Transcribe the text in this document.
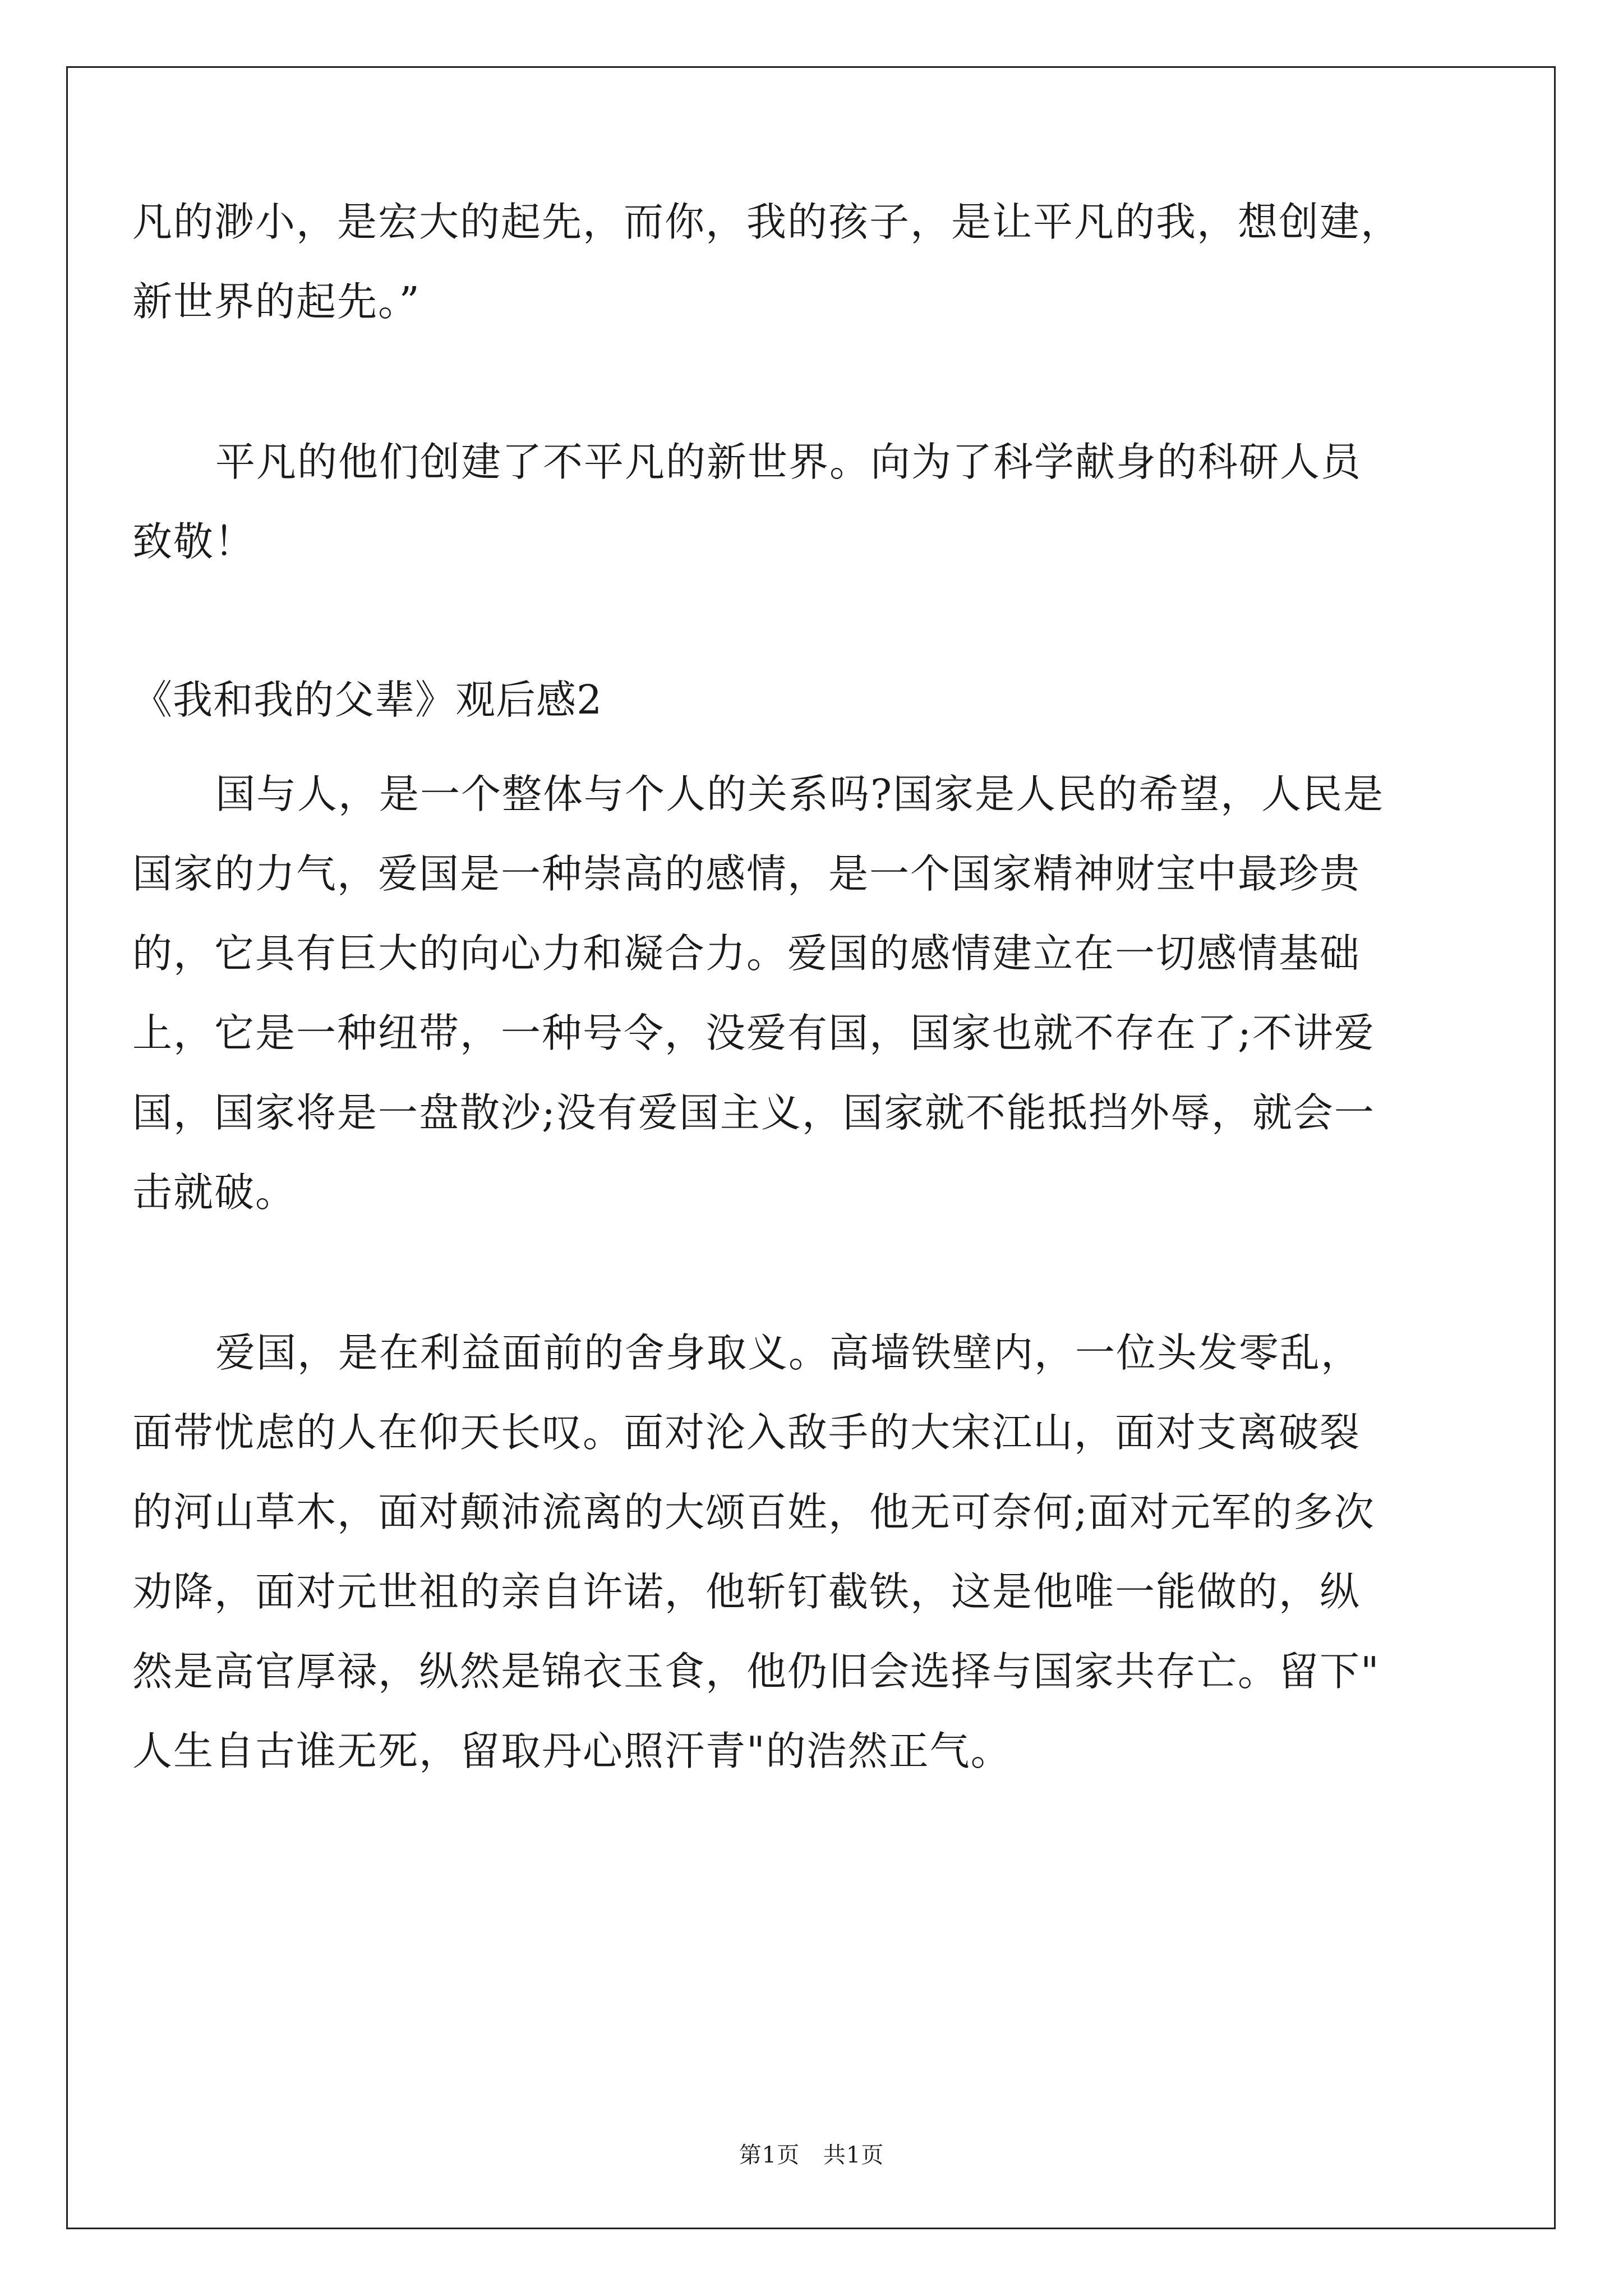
凡的渺小，是宏大的起先，而你，我的孩子，是让平凡的我，想创建，
新世界的起先。”
平凡的他们创建了不平凡的新世界。向为了科学献身的科研人员
致敬！
《我和我的父辈》观后感2
国与人，是一个整体与个人的关系吗?国家是人民的希望，人民是
国家的力气，爱国是一种崇高的感情，是一个国家精神财宝中最珍贵
的，它具有巨大的向心力和凝合力。爱国的感情建立在一切感情基础
上，它是一种纽带，一种号令，没爱有国，国家也就不存在了;不讲爱
国，国家将是一盘散沙;没有爱国主义，国家就不能抵挡外辱，就会一
击就破。
爱国，是在利益面前的舍身取义。高墙铁壁内，一位头发零乱，
面带忧虑的人在仰天长叹。面对沦入敌手的大宋江山，面对支离破裂
的河山草木，面对颠沛流离的大颂百姓，他无可奈何;面对元军的多次
劝降，面对元世祖的亲自许诺，他斩钉截铁，这是他唯一能做的，纵
然是高官厚禄，纵然是锦衣玉食，他仍旧会选择与国家共存亡。留下"
人生自古谁无死，留取丹心照汗青"的浩然正气。
第1页 共1页
